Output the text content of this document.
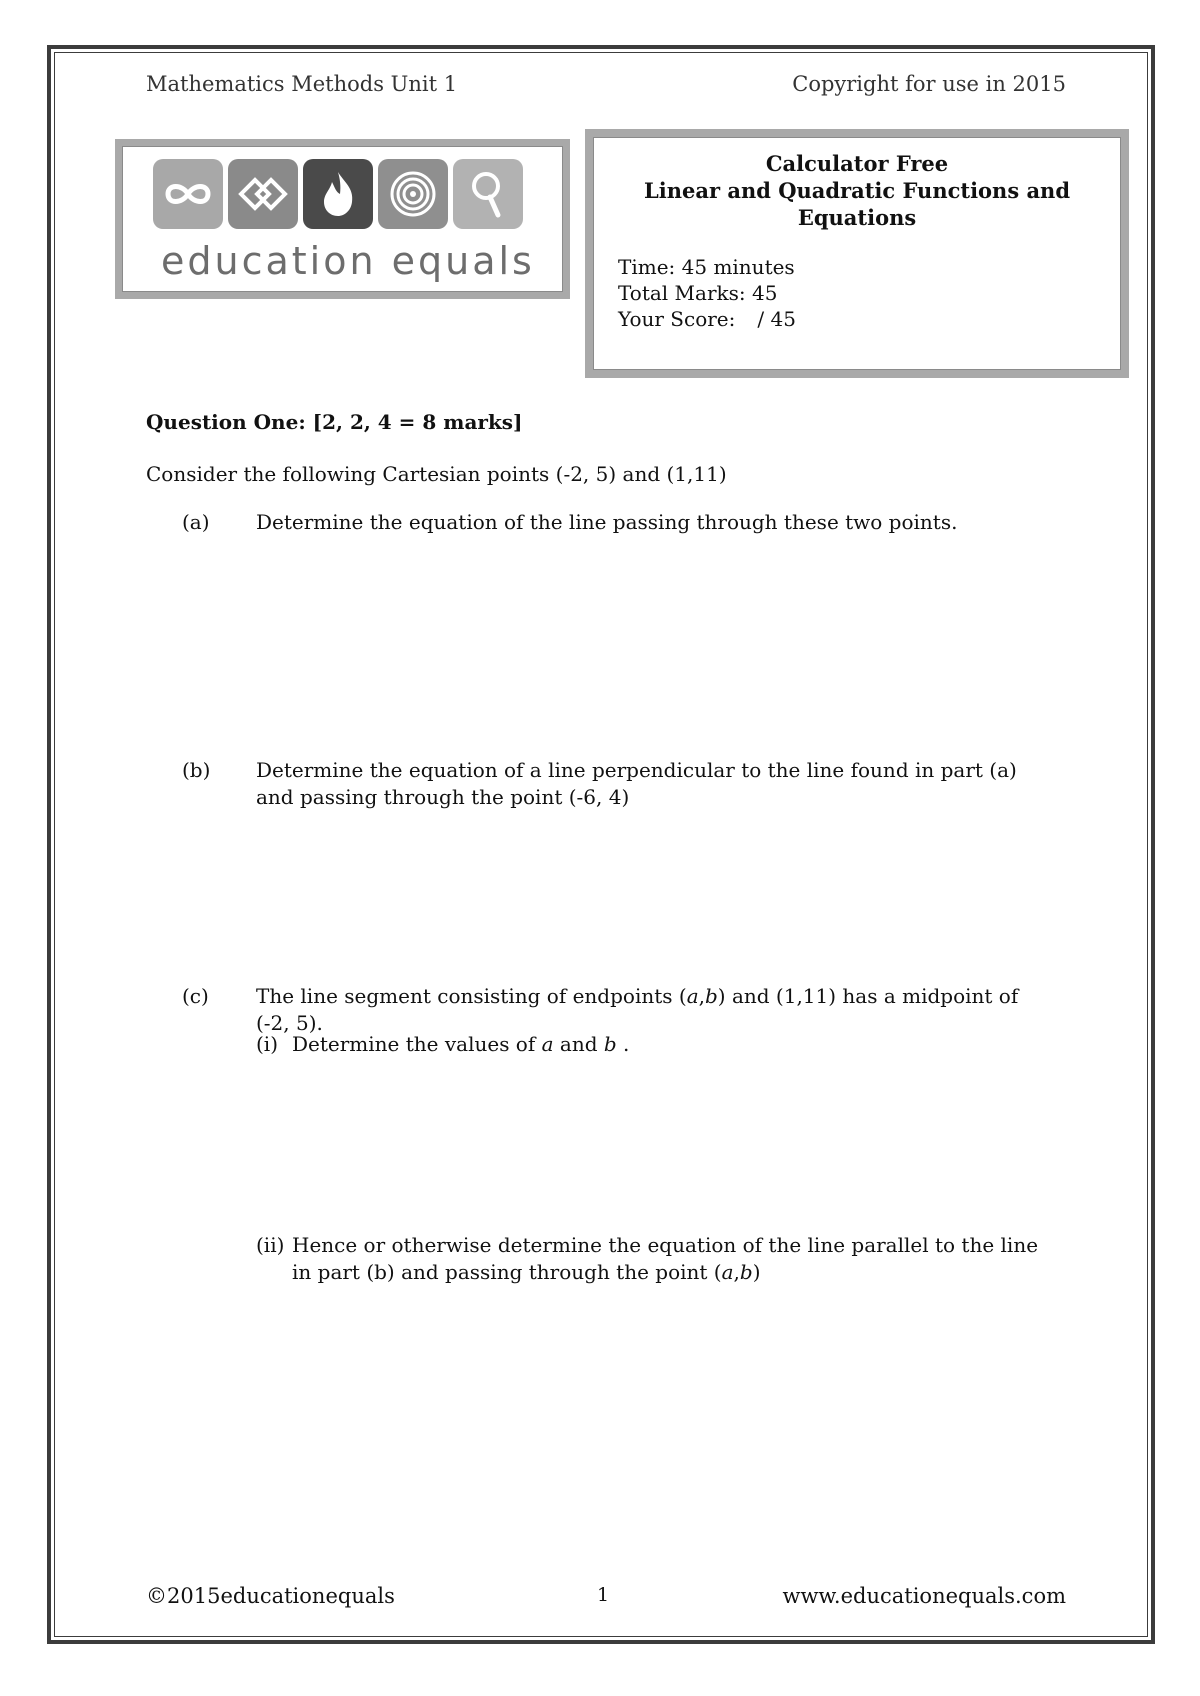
Mathematics Methods Unit 1	Copyright for use in 2015
education equals
Calculator Free
Linear and Quadratic Functions and
Equations
Time: 45 minutes
Total Marks: 45
Your Score: / 45
Question One: [2, 2, 4 = 8 marks]
Consider the following Cartesian points (-2, 5) and (1,11)
(a)	Determine the equation of the line passing through these two points.
(b)	Determine the equation of a line perpendicular to the line found in part (a) and passing through the point (-6, 4)
(c)	The line segment consisting of endpoints (a,b) and (1,11) has a midpoint of (-2, 5).
(i) Determine the values of a and b .
(ii) Hence or otherwise determine the equation of the line parallel to the line in part (b) and passing through the point (a,b)
©2015educationequals	1	www.educationequals.com
